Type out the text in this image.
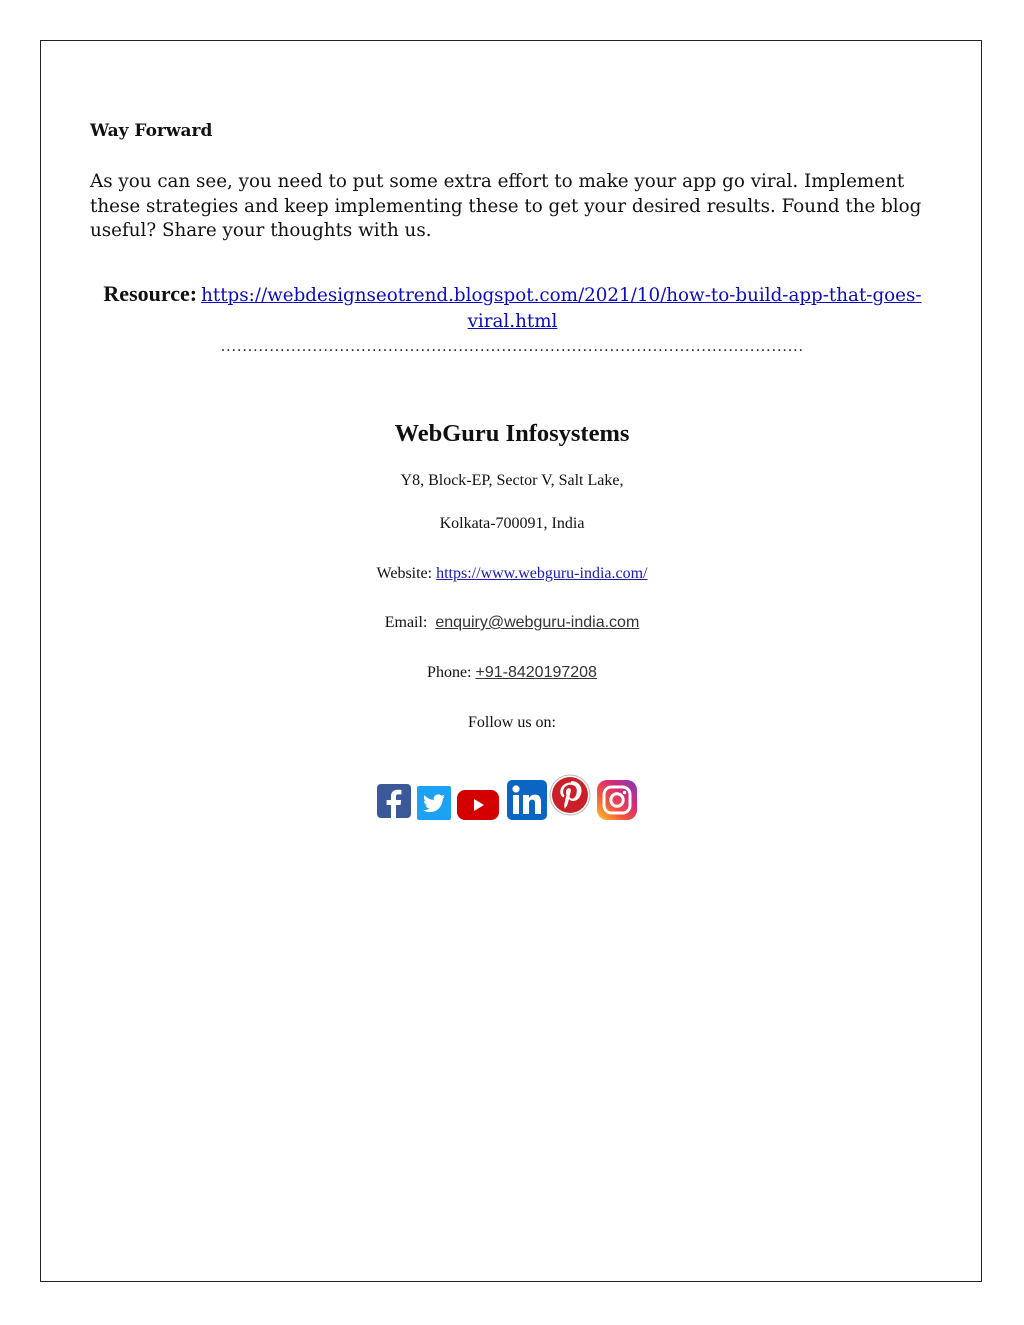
Way Forward
As you can see, you need to put some extra effort to make your app go viral. Implement these strategies and keep implementing these to get your desired results. Found the blog useful? Share your thoughts with us.
Resource: https://webdesignseotrend.blogspot.com/2021/10/how-to-build-app-that-goes-
viral.html
………………………………………………………………………………………………
WebGuru Infosystems
Y8, Block-EP, Sector V, Salt Lake,
Kolkata-700091, India
Website: https://www.webguru-india.com/
Email:  enquiry@webguru-india.com
Phone: +91-8420197208
Follow us on:
